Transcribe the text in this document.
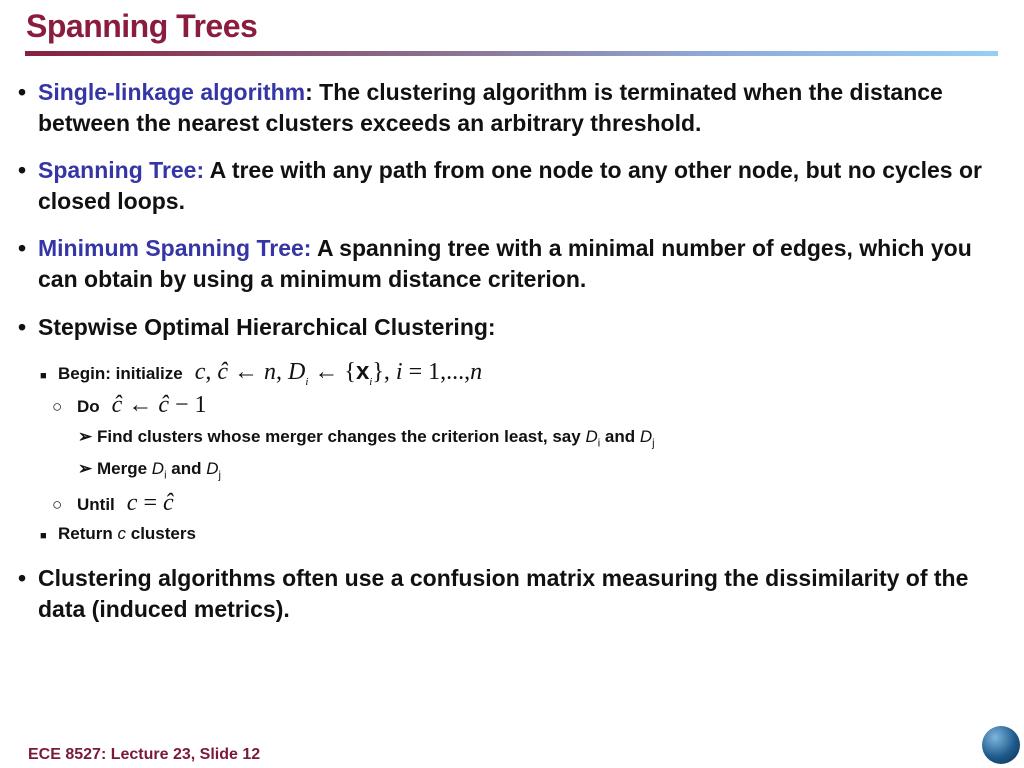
Spanning Trees
• Single-linkage algorithm: The clustering algorithm is terminated when the distance between the nearest clusters exceeds an arbitrary threshold.
• Spanning Tree: A tree with any path from one node to any other node, but no cycles or closed loops.
• Minimum Spanning Tree: A spanning tree with a minimal number of edges, which you can obtain by using a minimum distance criterion.
• Stepwise Optimal Hierarchical Clustering:
■ Begin: initialize c, ĉ ← n, $D_i$ ← $\{x_i\}$, i = 1,...,n
○ Do ĉ ← ĉ − 1
➢ Find clusters whose merger changes the criterion least, say $D_i$ and $D_j$
➢ Merge $D_i$ and $D_j$
○ Until c = ĉ
■ Return c clusters
• Clustering algorithms often use a confusion matrix measuring the dissimilarity of the data (induced metrics).
ECE 8527: Lecture 23, Slide 12
